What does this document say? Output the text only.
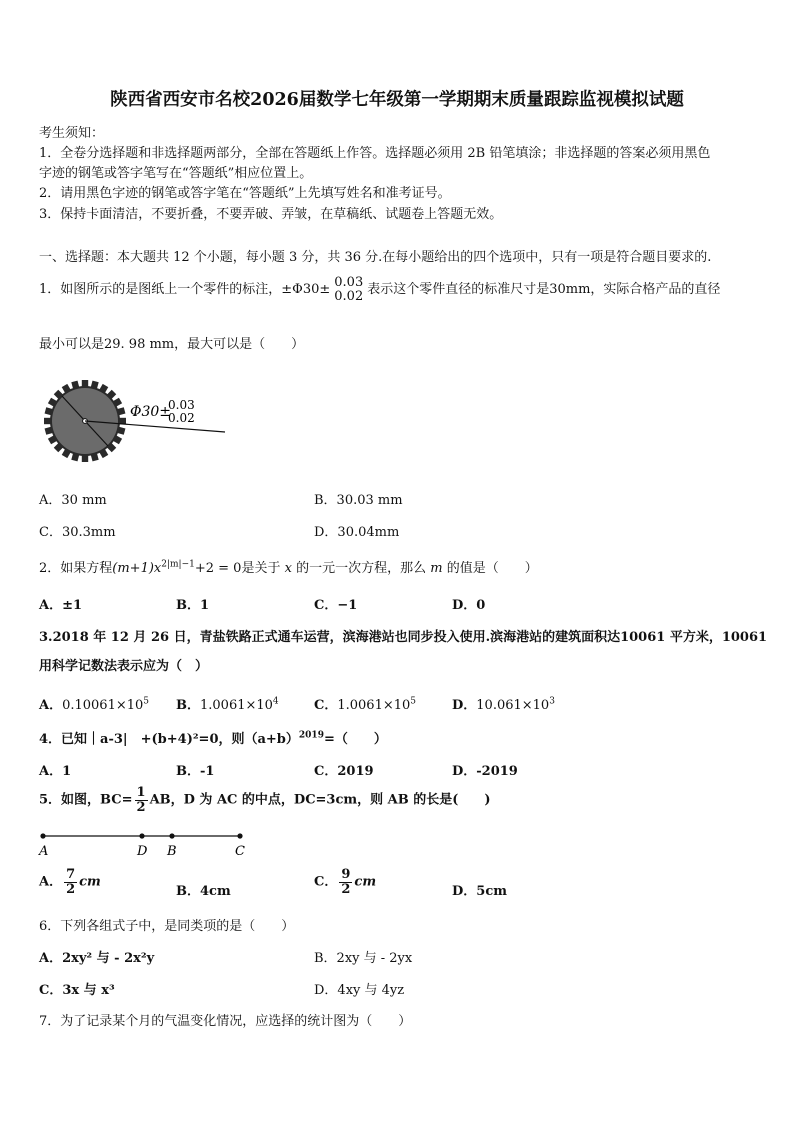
陕西省西安市名校2026届数学七年级第一学期期末质量跟踪监视模拟试题
考生须知：
1．全卷分选择题和非选择题两部分，全部在答题纸上作答。选择题必须用 2B 铅笔填涂；非选择题的答案必须用黑色
字迹的钢笔或答字笔写在“答题纸”相应位置上。
2．请用黑色字迹的钢笔或答字笔在“答题纸”上先填写姓名和准考证号。
3．保持卡面清洁，不要折叠，不要弄破、弄皱，在草稿纸、试题卷上答题无效。
一、选择题：本大题共 12 个小题，每小题 3 分，共 36 分.在每小题给出的四个选项中，只有一项是符合题目要求的.
1．如图所示的是图纸上一个零件的标注，±Φ30± 0.03
0.02 表示这个零件直径的标准尺寸是30mm，实际合格产品的直径
最小可以是29. 98 mm，最大可以是（　　）
Φ30±
0.03
0.02
A．30 mm	B．30.03 mm
C．30.3mm	D．30.04mm
2．如果方程$(m+1)x^{2|m|-1}+2 = 0$是关于 x 的一元一次方程，那么 m 的值是（　　）
A．±1	B．1	C．−1	D．0
3.2018 年 12 月 26 日，青盐铁路正式通车运营，滨海港站也同步投入使用.滨海港站的建筑面积达10061 平方米，10061
用科学记数法表示应为（　）
A．$0.10061\times 10^5$ B．$1.0061\times 10^4$	C．$1.0061\times 10^5$	D．$10.061\times 10^3$
4．已知｜a-3|　+(b+4)²=0，则$(a+b)^{2019}=$（　　）
A．1	B．-1	C．2019	D．-2019
5．如图，$BC= \frac{1}{2}$ AB，D 为 AC 的中点，DC=3cm，则 AB 的长是(　　)
A	D B	C
A． $\frac{7}{2}$ cm
B．4cm
C． $\frac{9}{2}$ cm
D．5cm
6．下列各组式子中，是同类项的是（　　）
A．2xy² 与 - 2x²y	B．2xy 与 - 2yx
C．3x 与 x³	D．4xy 与 4yz
7．为了记录某个月的气温变化情况，应选择的统计图为（　　）
